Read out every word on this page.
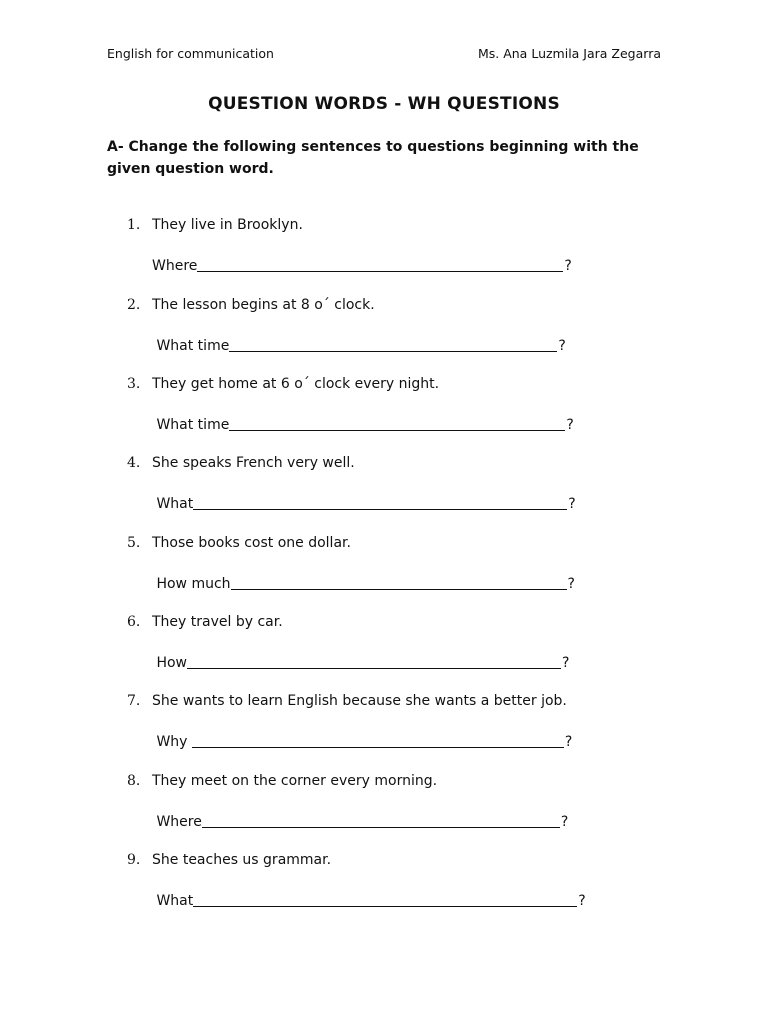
English for communication	Ms. Ana Luzmila Jara Zegarra
QUESTION WORDS - WH QUESTIONS
A- Change the following sentences to questions beginning with the given question word.
1. They live in Brooklyn.
Where	?
2. The lesson begins at 8 o´ clock.
What time	?
3. They get home at 6 o´ clock every night.
What time	?
4. She speaks French very well.
What	?
5. Those books cost one dollar.
How much	?
6. They travel by car.
How	?
7. She wants to learn English because she wants a better job.
Why	?
8. They meet on the corner every morning.
Where	?
9. She teaches us grammar.
What	?
